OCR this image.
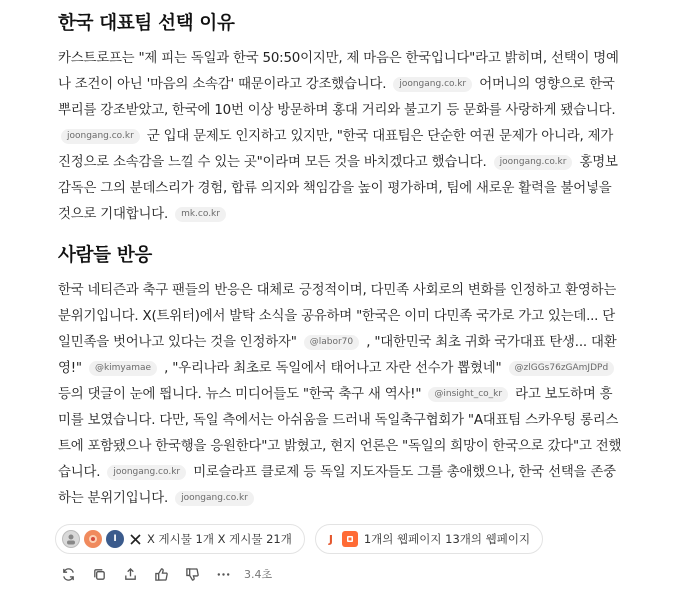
한국 대표팀 선택 이유

카스트로프는 "제 피는 독일과 한국 50:50이지만, 제 마음은 한국입니다"라고 밝히며, 선택이 명예나 조건이 아닌 '마음의 소속감' 때문이라고 강조했습니다. joongang.co.kr 어머니의 영향으로 한국 뿌리를 강조받았고, 한국에 10번 이상 방문하며 홍대 거리와 불고기 등 문화를 사랑하게 됐습니다. joongang.co.kr 군 입대 문제도 인지하고 있지만, "한국 대표팀은 단순한 여권 문제가 아니라, 제가 진정으로 소속감을 느낄 수 있는 곳"이라며 모든 것을 바치겠다고 했습니다. joongang.co.kr 홍명보 감독은 그의 분데스리가 경험, 합류 의지와 책임감을 높이 평가하며, 팀에 새로운 활력을 불어넣을 것으로 기대합니다. mk.co.kr

사람들 반응

한국 네티즌과 축구 팬들의 반응은 대체로 긍정적이며, 다민족 사회로의 변화를 인정하고 환영하는 분위기입니다. X(트위터)에서 발탁 소식을 공유하며 "한국은 이미 다민족 국가로 가고 있는데... 단일민족을 벗어나고 있다는 것을 인정하자" @labor70 , "대한민국 최초 귀화 국가대표 탄생... 대환영!" @kimyamae , "우리나라 최초로 독일에서 태어나고 자란 선수가 뽑혔네" @zlGGs76zGAmJDPd 등의 댓글이 눈에 띕니다. 뉴스 미디어들도 "한국 축구 새 역사!" @insight_co_kr 라고 보도하며 흥미를 보였습니다. 다만, 독일 측에서는 아쉬움을 드러내 독일축구협회가 "A대표팀 스카우팅 롱리스트에 포함됐으나 한국행을 응원한다"고 밝혔고, 현지 언론은 "독일의 희망이 한국으로 갔다"고 전했습니다. joongang.co.kr 미로슬라프 클로제 등 독일 지도자들도 그를 총애했으나, 한국 선택을 존중하는 분위기입니다. joongang.co.kr

I	X 게시물 1개 X 게시물 21개	J	1개의 웹페이지 13개의 웹페이지
3.4초
